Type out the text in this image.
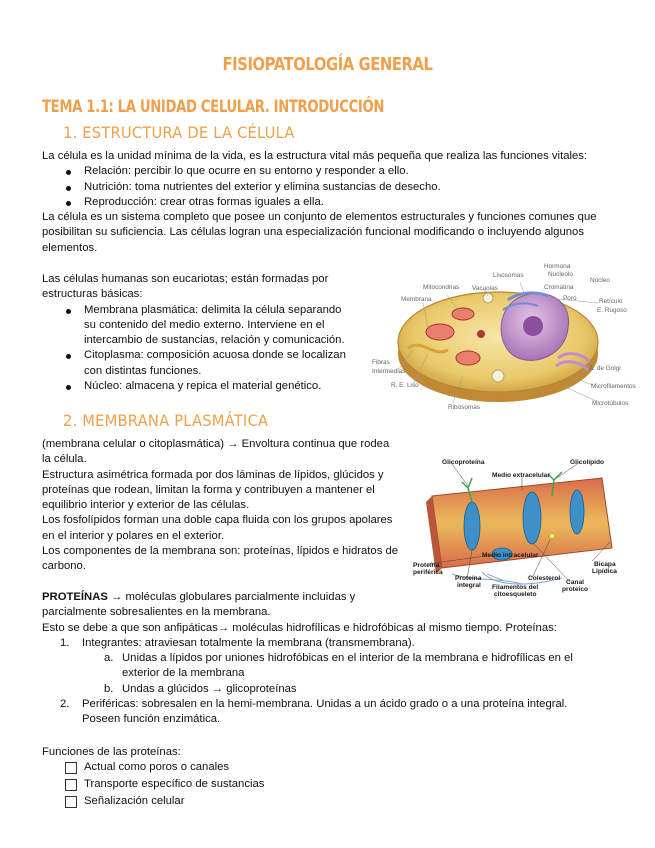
FISIOPATOLOGÍA GENERAL
TEMA 1.1: LA UNIDAD CELULAR. INTRODUCCIÓN
1. ESTRUCTURA DE LA CÉLULA

La célula es la unidad mínima de la vida, es la estructura vital más pequeña que realiza las funciones vitales:

Relación: percibir lo que ocurre en su entorno y responder a ello.
Nutrición: toma nutrientes del exterior y elimina sustancias de desecho.
Reproducción: crear otras formas iguales a ella.

La célula es un sistema completo que posee un conjunto de elementos estructurales y funciones comunes que

posibilitan su suficiencia. Las células logran una especialización funcional modificando o incluyendo algunos

elementos.

Las células humanas son eucariotas; están formadas por

estructuras básicas:

Membrana plasmática: delimita la célula separando
su contenido del medio externo. Interviene en el
intercambio de sustancias, relación y comunicación.
Citoplasma: composición acuosa donde se localizan
con distintas funciones.
Núcleo: almacena y repica el material genético.
Hormona
Nucleolo
Cromatina
Poro
Núcleo
Lisosomas
Vacuolas
Mitocondrias
Membrana	Retículo
E. Rugoso
Fibras
Intermedias
R. E. Liso
Ribosomas
A. de Golgi
Microfilamentos
Microtúbulos
2. MEMBRANA PLASMÁTICA

(membrana celular o citoplasmática) → Envoltura continua que rodea

la célula.

Estructura asimétrica formada por dos láminas de lípidos, glúcidos y

proteínas que rodean, limitan la forma y contribuyen a mantener el

equilibrio interior y exterior de las células.

Los fosfolípidos forman una doble capa fluida con los grupos apolares

en el interior y polares en el exterior.

Los componentes de la membrana son: proteínas, lípidos e hidratos de

carbono.

Glicoproteína	Glicolípido
Medio extracelular
Medio intracelular
Proteína
periférica
Proteína
integral Filamentos del
citoesqueleto
Colesterol
Canal
proteico
Bicapa
Lipídica

PROTEÍNAS → moléculas globulares parcialmente incluidas y

parcialmente sobresalientes en la membrana.

Esto se debe a que son anfipáticas→ moléculas hidrofílicas e hidrofóbicas al mismo tiempo. Proteínas:

1. Integrantes: atraviesan totalmente la membrana (transmembrana).
a. Unidas a lípidos por uniones hidrofóbicas en el interior de la membrana e hidrofílicas en el
exterior de la membrana
b. Undas a glúcidos → glicoproteínas
2. Periféricas: sobresalen en la hemi-membrana. Unidas a un ácido grado o a una proteína integral.
Poseen función enzimática.

Funciones de las proteínas:

Actual como poros o canales
Transporte específico de sustancias
Señalización celular
